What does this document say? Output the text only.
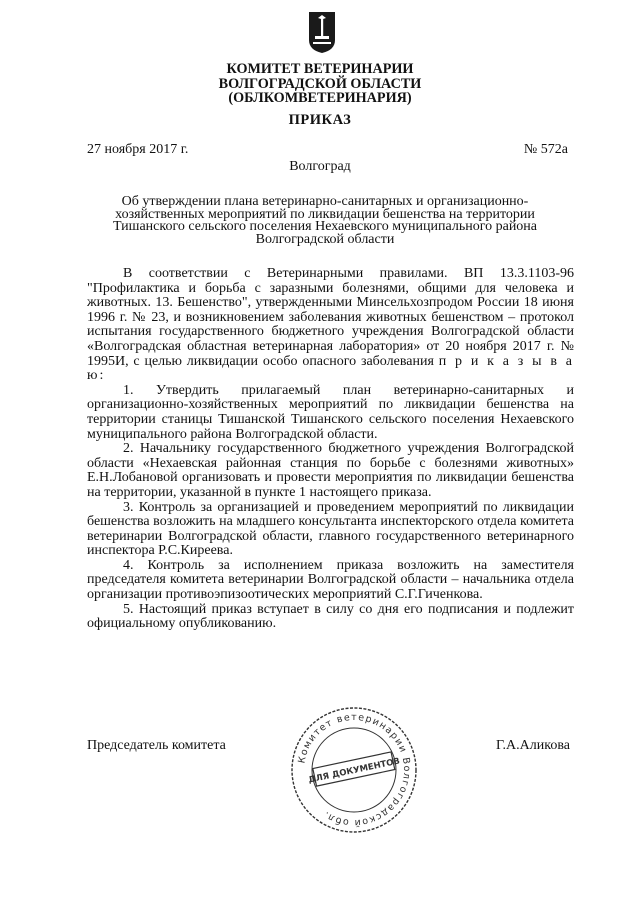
КОМИТЕТ ВЕТЕРИНАРИИ
ВОЛГОГРАДСКОЙ ОБЛАСТИ
(ОБЛКОМВЕТЕРИНАРИЯ)
ПРИКАЗ
27 ноября 2017 г.	№ 572а
Волгоград
Об утверждении плана ветеринарно-санитарных и организационно-хозяйственных мероприятий по ликвидации бешенства на территории Тишанского сельского поселения Нехаевского муниципального района Волгоградской области

В соответствии с Ветеринарными правилами. ВП 13.3.1103-96 "Профилактика и борьба с заразными болезнями, общими для человека и животных. 13. Бешенство", утвержденными Минсельхозпродом России 18 июня 1996 г. № 23, и возникновением заболевания животных бешенством – протокол испытания государственного бюджетного учреждения Волгоградской области «Волгоградская областная ветеринарная лаборатория» от 20 ноября 2017 г. № 1995И, с целью ликвидации особо опасного заболевания п р и к а з ы в а ю:

1. Утвердить прилагаемый план ветеринарно-санитарных и организационно-хозяйственных мероприятий по ликвидации бешенства на территории станицы Тишанской Тишанского сельского поселения Нехаевского муниципального района Волгоградской области.

2. Начальнику государственного бюджетного учреждения Волгоградской области «Нехаевская районная станция по борьбе с болезнями животных» Е.Н.Лобановой организовать и провести мероприятия по ликвидации бешенства на территории, указанной в пункте 1 настоящего приказа.

3. Контроль за организацией и проведением мероприятий по ликвидации бешенства возложить на младшего консультанта инспекторского отдела комитета ветеринарии Волгоградской области, главного государственного ветеринарного инспектора Р.С.Киреева.

4. Контроль за исполнением приказа возложить на заместителя председателя комитета ветеринарии Волгоградской области – начальника отдела организации противоэпизоотических мероприятий С.Г.Гиченкова.

5. Настоящий приказ вступает в силу со дня его подписания и подлежит официальному опубликованию.

Председатель комитета	Г.А.Аликова
Комитет ветеринарии Волгоградской обл.
ДЛЯ ДОКУМЕНТОВ
